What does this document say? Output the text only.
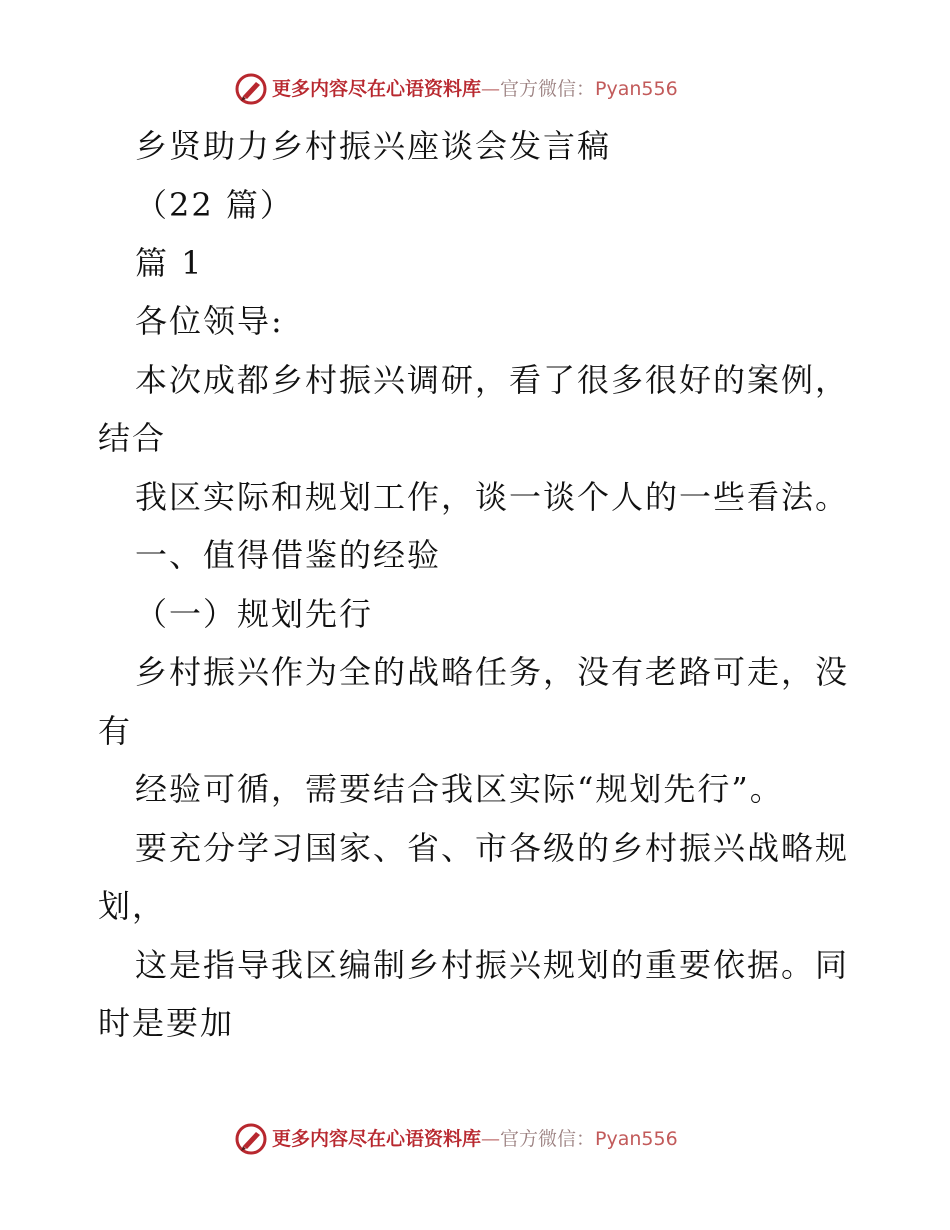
更多内容尽在心语资料库—官方微信：Pyan556
乡贤助力乡村振兴座谈会发言稿
（22 篇）
篇 1
各位领导:
本次成都乡村振兴调研，看了很多很好的案例，
结合
我区实际和规划工作，谈一谈个人的一些看法。
一、值得借鉴的经验
（一）规划先行
乡村振兴作为全的战略任务，没有老路可走，没
有
经验可循，需要结合我区实际“规划先行”。
要充分学习国家、省、市各级的乡村振兴战略规
划，
这是指导我区编制乡村振兴规划的重要依据。同
时是要加
更多内容尽在心语资料库—官方微信：Pyan556
